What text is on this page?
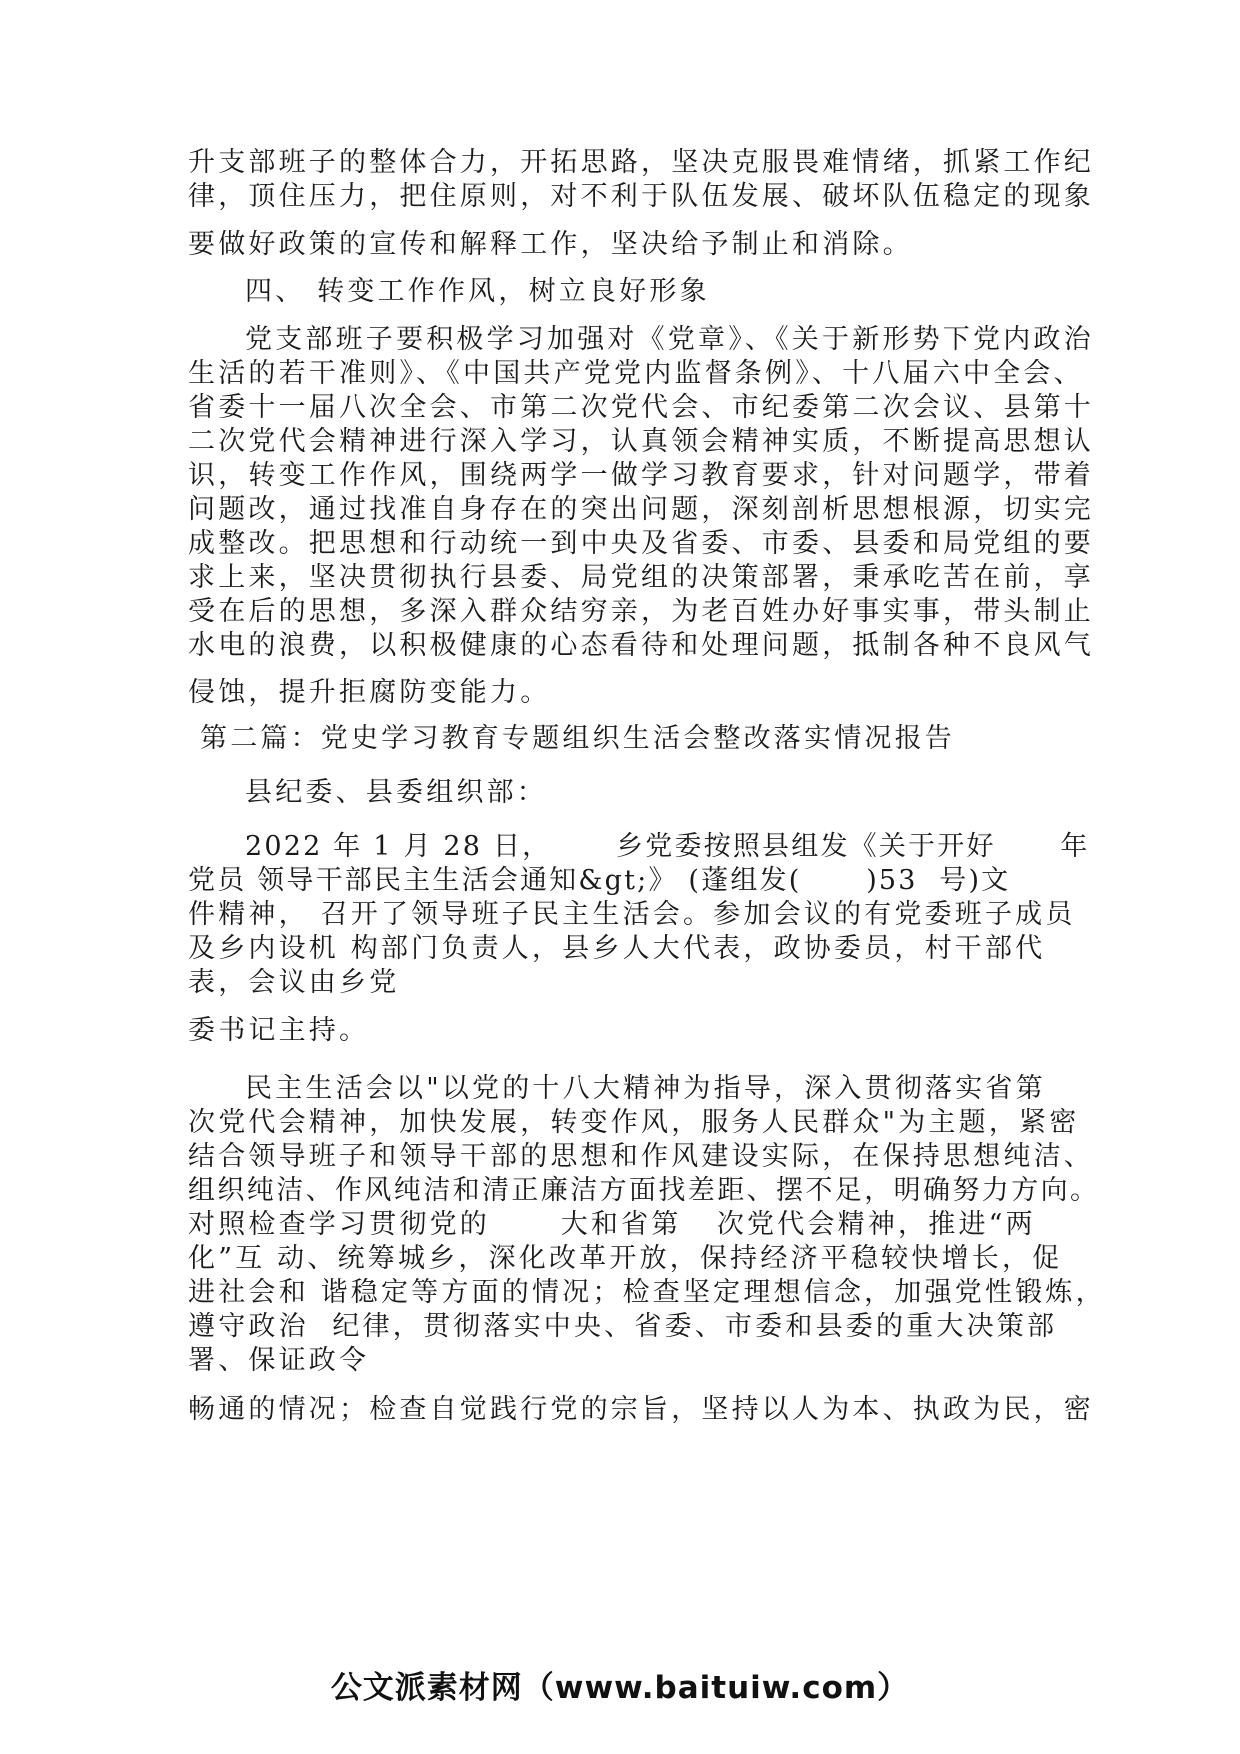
升支部班子的整体合力，开拓思路，坚决克服畏难情绪，抓紧工作纪
律，顶住压力，把住原则，对不利于队伍发展、破坏队伍稳定的现象
要做好政策的宣传和解释工作，坚决给予制止和消除。
四、 转变工作作风，树立良好形象
党支部班子要积极学习加强对《党章》、《关于新形势下党内政治
生活的若干准则》、《中国共产党党内监督条例》、十八届六中全会、
省委十一届八次全会、市第二次党代会、市纪委第二次会议、县第十
二次党代会精神进行深入学习，认真领会精神实质，不断提高思想认
识，转变工作作风，围绕两学一做学习教育要求，针对问题学，带着
问题改，通过找准自身存在的突出问题，深刻剖析思想根源，切实完
成整改。把思想和行动统一到中央及省委、市委、县委和局党组的要
求上来，坚决贯彻执行县委、局党组的决策部署，秉承吃苦在前，享
受在后的思想，多深入群众结穷亲，为老百姓办好事实事，带头制止
水电的浪费，以积极健康的心态看待和处理问题，抵制各种不良风气
侵蚀，提升拒腐防变能力。
第二篇：党史学习教育专题组织生活会整改落实情况报告
县纪委、县委组织部：
2022 年 1 月 28 日，      乡党委按照县组发《关于开好      年
党员 领导干部民主生活会通知&gt;》 (蓬组发(      )53  号)文
件精神， 召开了领导班子民主生活会。参加会议的有党委班子成员
及乡内设机 构部门负责人，县乡人大代表，政协委员，村干部代
表，会议由乡党
委书记主持。
民主生活会以"以党的十八大精神为指导，深入贯彻落实省第
次党代会精神，加快发展，转变作风，服务人民群众"为主题，紧密
结合领导班子和领导干部的思想和作风建设实际，在保持思想纯洁、
组织纯洁、作风纯洁和清正廉洁方面找差距、摆不足，明确努力方向。
对照检查学习贯彻党的      大和省第   次党代会精神，推进“两
化”互 动、统筹城乡，深化改革开放，保持经济平稳较快增长，促
进社会和 谐稳定等方面的情况；检查坚定理想信念，加强党性锻炼，
遵守政治  纪律，贯彻落实中央、省委、市委和县委的重大决策部
署、保证政令
畅通的情况；检查自觉践行党的宗旨，坚持以人为本、执政为民，密
公文派素材网（www.baituiw.com）
